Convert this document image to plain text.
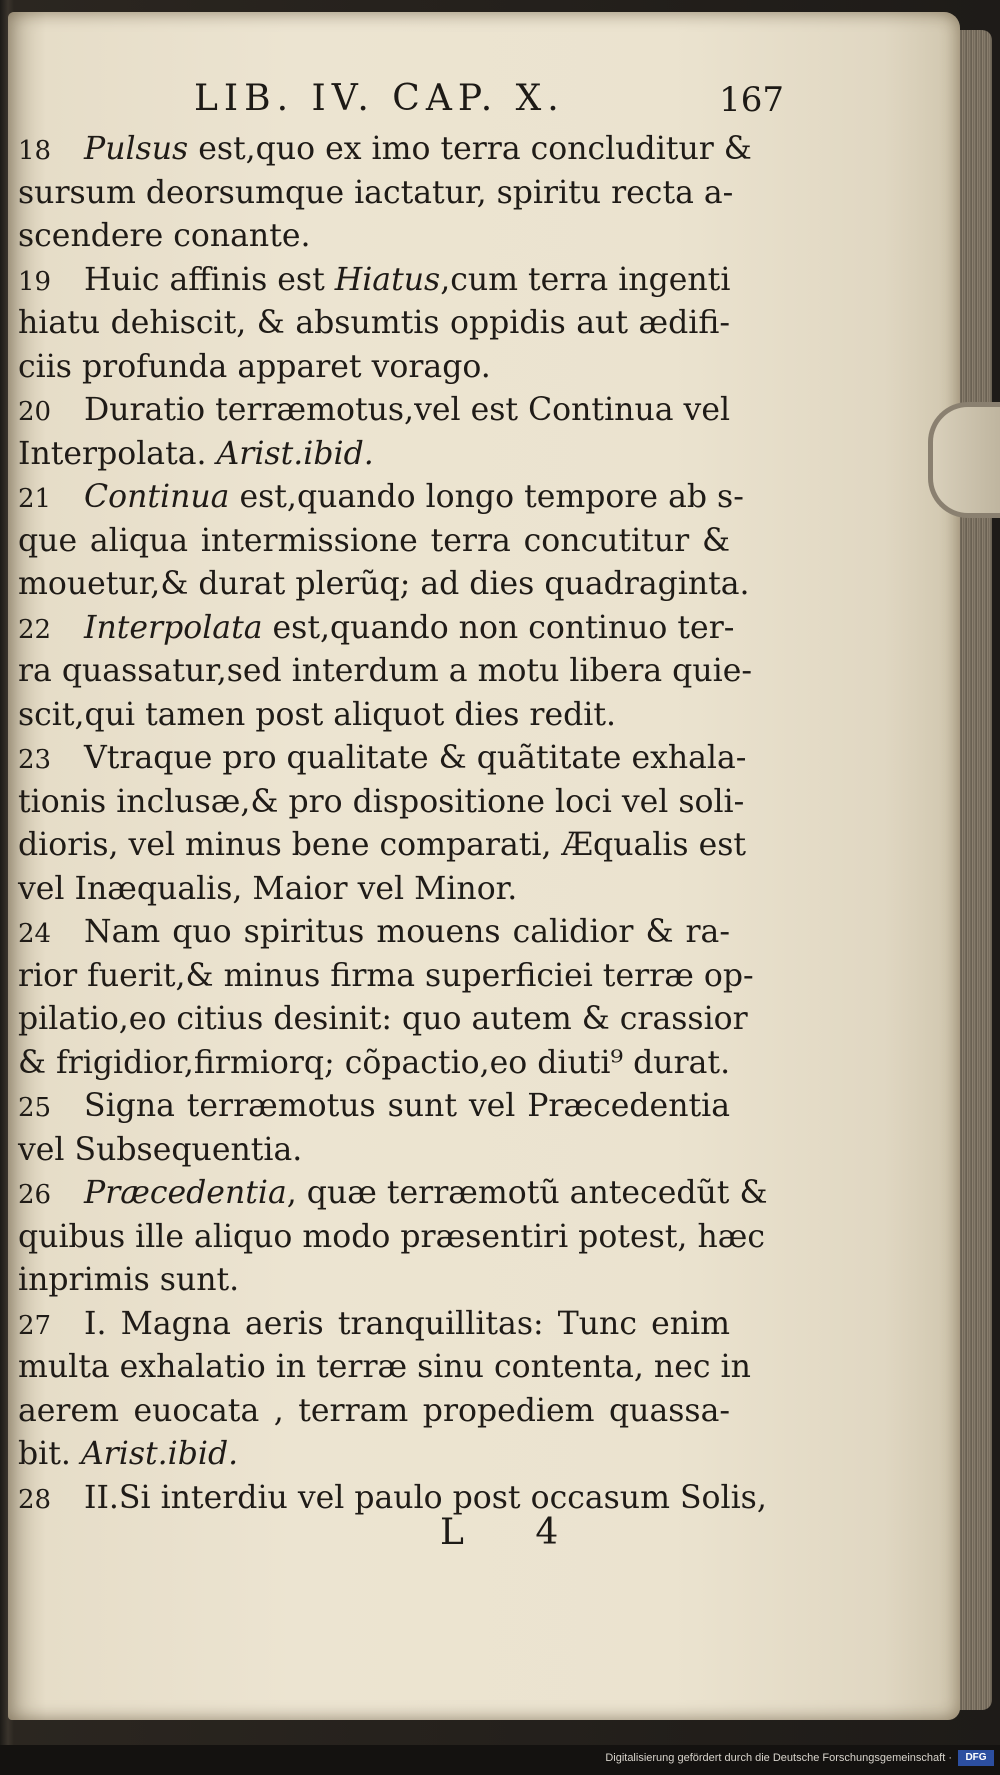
LIB. IV. CAP. X.	167
18 Pulsus est,quo ex imo terra concluditur &
sursum deorsumque iactatur, spiritu recta a-
scendere conante.
19 Huic affinis est Hiatus,cum terra ingenti
hiatu dehiscit, & absumtis oppidis aut ædifi-
ciis profunda apparet vorago.
20 Duratio terræmotus,vel est Continua vel
Interpolata. Arist.ibid.
21 Continua est,quando longo tempore ab s-
que aliqua intermissione terra concutitur &
mouetur,& durat plerũq; ad dies quadraginta.
22 Interpolata est,quando non continuo ter-
ra quassatur,sed interdum a motu libera quie-
scit,qui tamen post aliquot dies redit.
23 Vtraque pro qualitate & quãtitate exhala-
tionis inclusæ,& pro dispositione loci vel soli-
dioris, vel minus bene comparati, Æqualis est
vel Inæqualis, Maior vel Minor.
24 Nam quo spiritus mouens calidior & ra-
rior fuerit,& minus firma superficiei terræ op-
pilatio,eo citius desinit: quo autem & crassior
& frigidior,firmiorq; cõpactio,eo diuti⁹ durat.
25 Signa terræmotus sunt vel Præcedentia
vel Subsequentia.
26 Præcedentia, quæ terræmotũ antecedũt &
quibus ille aliquo modo præsentiri potest, hæc
inprimis sunt.
27 I. Magna aeris tranquillitas: Tunc enim
multa exhalatio in terræ sinu contenta, nec in
aerem euocata , terram propediem quassa-
bit. Arist.ibid.
28 II.Si interdiu vel paulo post occasum Solis,
L 4
Digitalisierung gefördert durch die Deutsche Forschungsgemeinschaft ·	DFG
